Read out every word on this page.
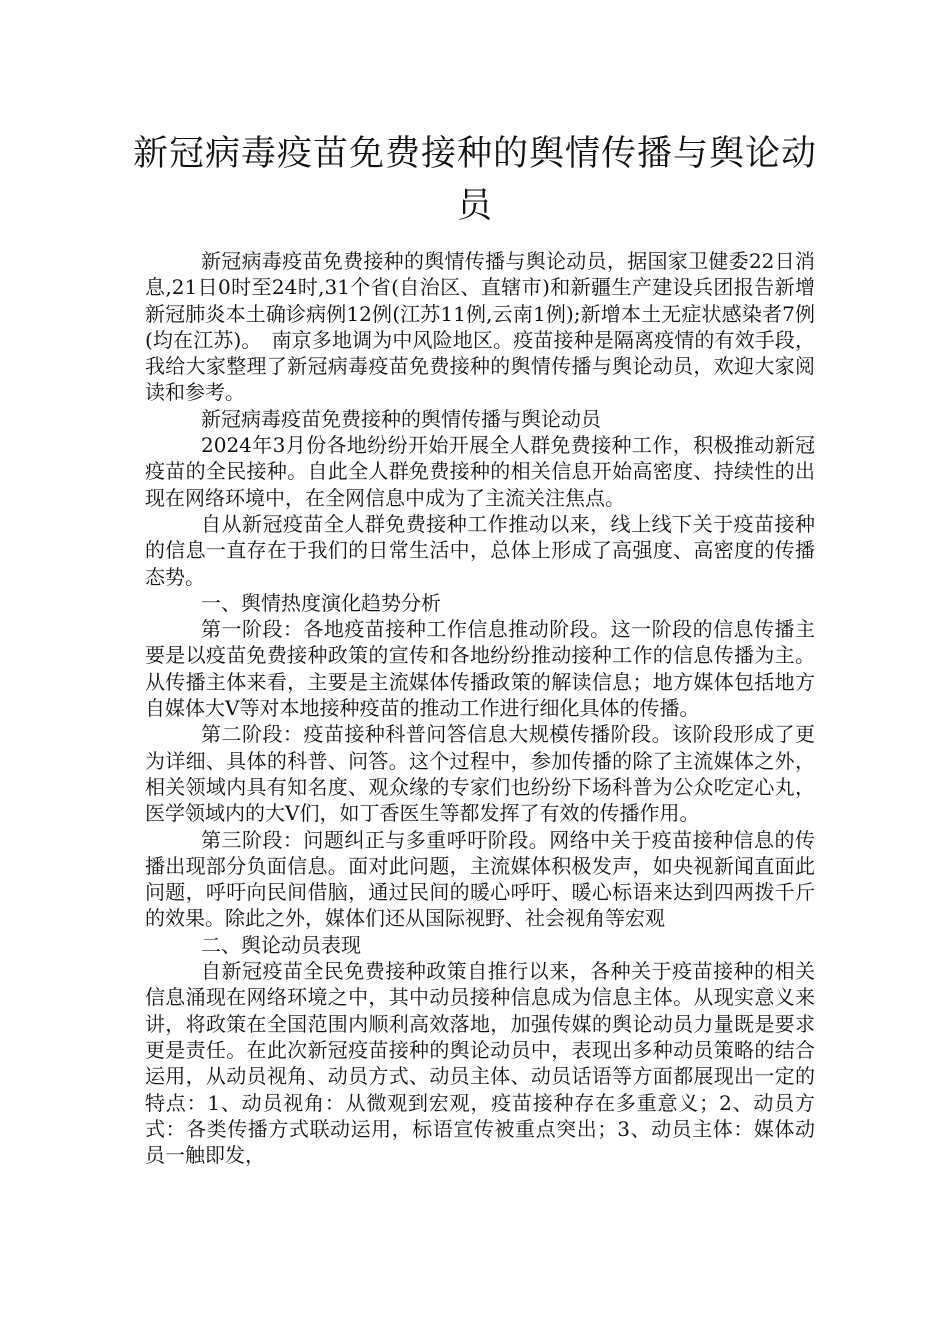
新冠病毒疫苗免费接种的舆情传播与舆论动员

新冠病毒疫苗免费接种的舆情传播与舆论动员，据国家卫健委22日消息,21日0时至24时,31个省(自治区、直辖市)和新疆生产建设兵团报告新增新冠肺炎本土确诊病例12例(江苏11例,云南1例);新增本土无症状感染者7例(均在江苏)。　南京多地调为中风险地区。疫苗接种是隔离疫情的有效手段，我给大家整理了新冠病毒疫苗免费接种的舆情传播与舆论动员，欢迎大家阅读和参考。

新冠病毒疫苗免费接种的舆情传播与舆论动员

2024年3月份各地纷纷开始开展全人群免费接种工作，积极推动新冠疫苗的全民接种。自此全人群免费接种的相关信息开始高密度、持续性的出现在网络环境中，在全网信息中成为了主流关注焦点。

自从新冠疫苗全人群免费接种工作推动以来，线上线下关于疫苗接种的信息一直存在于我们的日常生活中，总体上形成了高强度、高密度的传播态势。

一、舆情热度演化趋势分析

第一阶段：各地疫苗接种工作信息推动阶段。这一阶段的信息传播主要是以疫苗免费接种政策的宣传和各地纷纷推动接种工作的信息传播为主。从传播主体来看，主要是主流媒体传播政策的解读信息；地方媒体包括地方自媒体大V等对本地接种疫苗的推动工作进行细化具体的传播。

第二阶段：疫苗接种科普问答信息大规模传播阶段。该阶段形成了更为详细、具体的科普、问答。这个过程中，参加传播的除了主流媒体之外，相关领域内具有知名度、观众缘的专家们也纷纷下场科普为公众吃定心丸，医学领域内的大V们，如丁香医生等都发挥了有效的传播作用。

第三阶段：问题纠正与多重呼吁阶段。网络中关于疫苗接种信息的传播出现部分负面信息。面对此问题，主流媒体积极发声，如央视新闻直面此问题，呼吁向民间借脑，通过民间的暖心呼吁、暖心标语来达到四两拨千斤的效果。除此之外，媒体们还从国际视野、社会视角等宏观

二、舆论动员表现

自新冠疫苗全民免费接种政策自推行以来，各种关于疫苗接种的相关信息涌现在网络环境之中，其中动员接种信息成为信息主体。从现实意义来讲，将政策在全国范围内顺利高效落地，加强传媒的舆论动员力量既是要求更是责任。在此次新冠疫苗接种的舆论动员中，表现出多种动员策略的结合运用，从动员视角、动员方式、动员主体、动员话语等方面都展现出一定的特点：1、动员视角：从微观到宏观，疫苗接种存在多重意义；2、动员方式：各类传播方式联动运用，标语宣传被重点突出；3、动员主体：媒体动员一触即发，
